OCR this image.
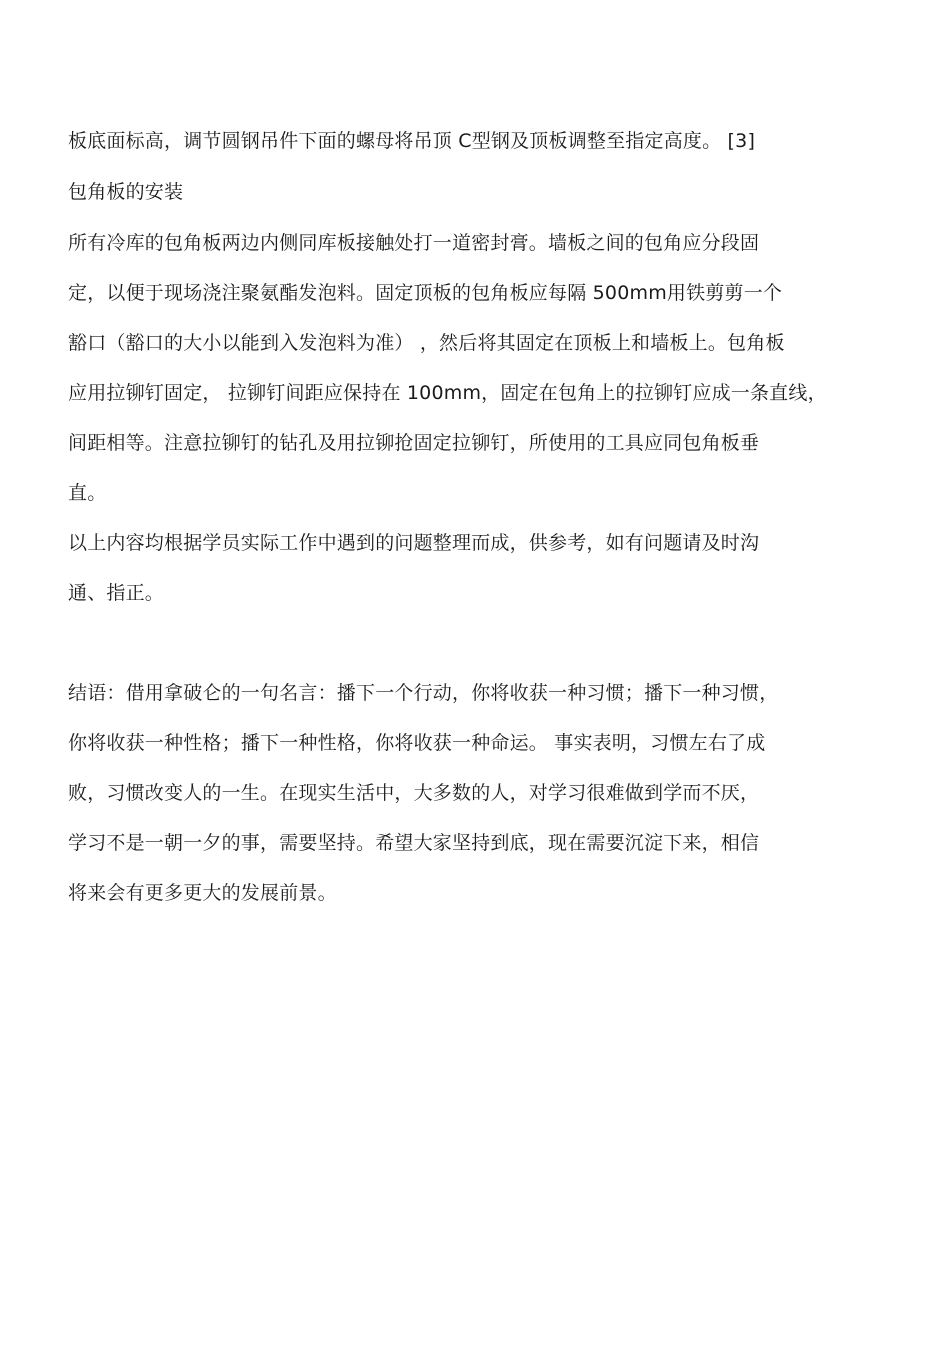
板底面标高，调节圆钢吊件下面的螺母将吊顶 C型钢及顶板调整至指定高度。 [3]
包角板的安装
所有冷库的包角板两边内侧同库板接触处打一道密封膏。墙板之间的包角应分段固
定，以便于现场浇注聚氨酯发泡料。固定顶板的包角板应每隔 500mm用铁剪剪一个
豁口（豁口的大小以能到入发泡料为准） ，然后将其固定在顶板上和墙板上。包角板
应用拉铆钉固定， 拉铆钉间距应保持在 100mm，固定在包角上的拉铆钉应成一条直线，
间距相等。注意拉铆钉的钻孔及用拉铆抢固定拉铆钉，所使用的工具应同包角板垂
直。
以上内容均根据学员实际工作中遇到的问题整理而成，供参考，如有问题请及时沟
通、指正。
结语：借用拿破仑的一句名言：播下一个行动，你将收获一种习惯；播下一种习惯，
你将收获一种性格；播下一种性格，你将收获一种命运。 事实表明，习惯左右了成
败，习惯改变人的一生。在现实生活中，大多数的人，对学习很难做到学而不厌，
学习不是一朝一夕的事，需要坚持。希望大家坚持到底，现在需要沉淀下来，相信
将来会有更多更大的发展前景。
